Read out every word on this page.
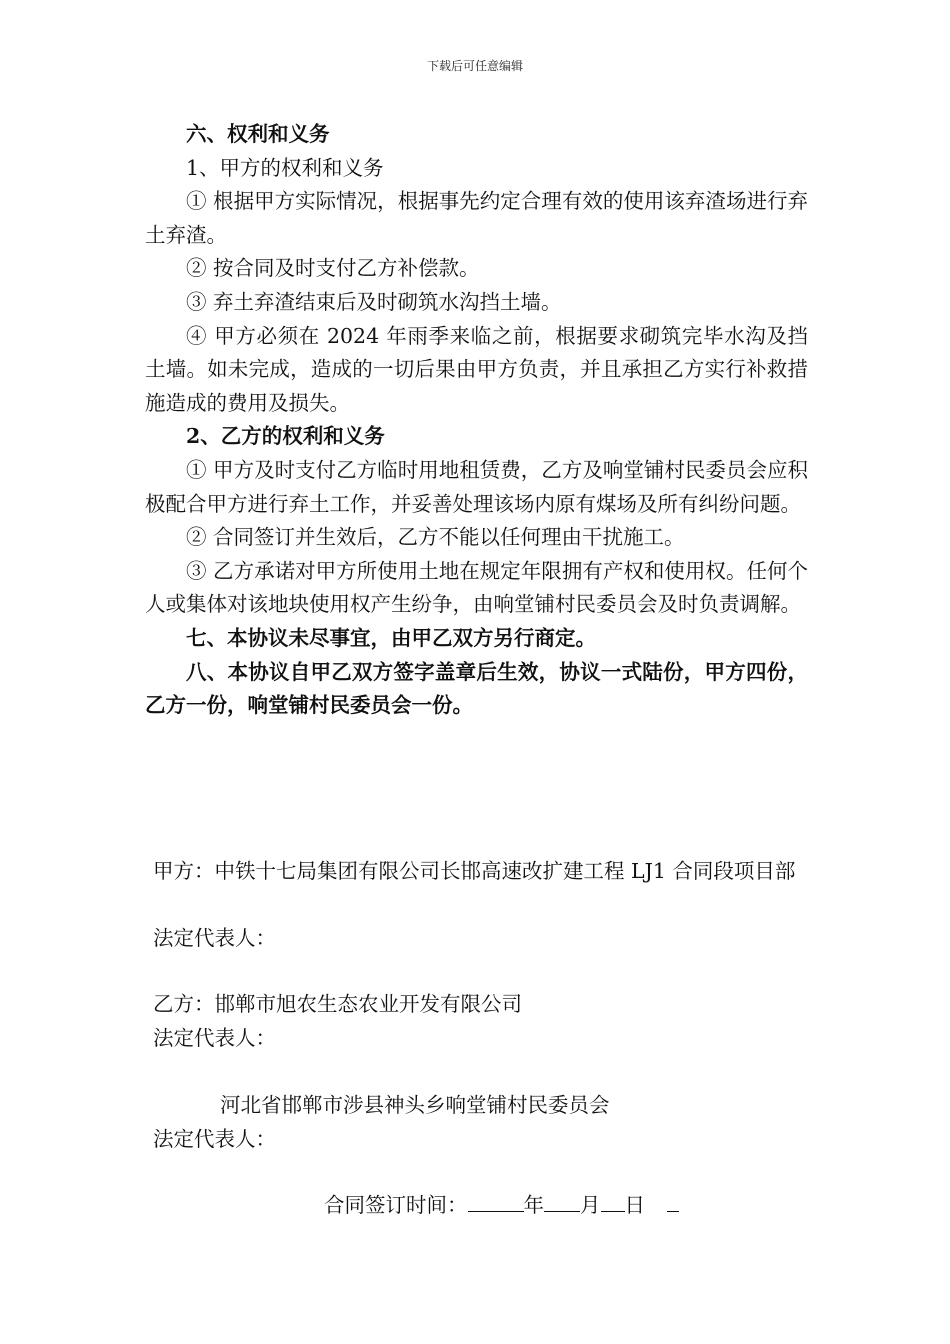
下载后可任意编辑

六、权利和义务

1、甲方的权利和义务

① 根据甲方实际情况，根据事先约定合理有效的使用该弃渣场进行弃土弃渣。

② 按合同及时支付乙方补偿款。

③ 弃土弃渣结束后及时砌筑水沟挡土墙。

④ 甲方必须在 2024 年雨季来临之前，根据要求砌筑完毕水沟及挡土墙。如未完成，造成的一切后果由甲方负责，并且承担乙方实行补救措施造成的费用及损失。

2、乙方的权利和义务

① 甲方及时支付乙方临时用地租赁费，乙方及响堂铺村民委员会应积极配合甲方进行弃土工作，并妥善处理该场内原有煤场及所有纠纷问题。

② 合同签订并生效后，乙方不能以任何理由干扰施工。

③ 乙方承诺对甲方所使用土地在规定年限拥有产权和使用权。任何个人或集体对该地块使用权产生纷争，由响堂铺村民委员会及时负责调解。

七、本协议未尽事宜，由甲乙双方另行商定。

八、本协议自甲乙双方签字盖章后生效，协议一式陆份，甲方四份，乙方一份，响堂铺村民委员会一份。

甲方： 中铁十七局集团有限公司长邯高速改扩建工程 LJ1 合同段项目部
法定代表人：
乙方：邯郸市旭农生态农业开发有限公司
法定代表人：
河北省邯郸市涉县神头乡响堂铺村民委员会
法定代表人：
合同签订时间：	年 月 日
